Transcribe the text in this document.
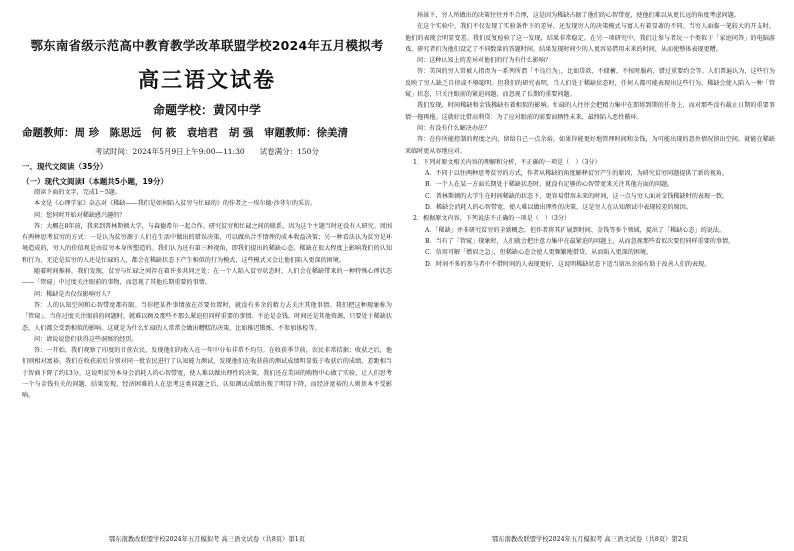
鄂东南省级示范高中教育教学改革联盟学校2024年五月模拟考
高三语文试卷
命题学校：黄冈中学
命题教师：周 珍　陈思远　何 筱　袁培君　胡 强　审题教师：徐美清
考试时间：2024年5月9日上午9:00—11:30　　试卷满分：150分
一、现代文阅读（35分）
（一）现代文阅读Ⅰ（本题共5小题，19分）

阅读下面的文字，完成1～5题。

本文是《心理学家》杂志对《稀缺——我们是如何陷入贫穷与忙碌的》的作者之一埃尔德·沙菲尔的采访。

问：您何时开始对稀缺感兴趣的？

答：大概在8年前，我来到普林斯顿大学，与森德希尔一起合作。研究贫穷和忙碌之间的联系，因为这个主题当时还没有人研究。周围有两种思考贫穷的方式：一是认为贫穷源于人们在生活中做出的错误决策，可以做出合乎情理的成本收益决策；另一种看法认为贫穷是环境造成的，穷人的价值观是由贫穷本身所塑造的。我们认为还有第三种视角，即我们提出的稀缺心态。稀缺在很大程度上影响我们的认知和行为，无论是贫穷的人还是忙碌的人，都会在稀缺状态下产生相似的行为模式，这些模式又会让他们陷入更深的困境。

随着时间推移，我们发现，贫穷与忙碌之间存在着许多共同之处：在一个人陷入贫穷状态时，人们会在稀缺带来的一种特殊心理状态——「管窥」中过度关注眼前的事物，而忽视了其他长期重要的事情。

问：稀缺是否仅仅影响穷人？

答：人的认知空间和心智带宽都有限。当你把某件事情放在首要位置时，就没有多余的精力去关注其他事情。我们把这种现象称为「管窥」。当你过度关注眼前的问题时，就难以顾及那些不那么紧迫但同样重要的事情。不论是金钱、时间还是其他资源，只要处于稀缺状态，人们都会受到相似的影响。这就是为什么忙碌的人常常会做出糟糕的决策，比如推迟锻炼、不参加体检等。

问：请说说您们获得这些洞察的经历。

答：一开始，我们观察了印度的甘蔗农民，发现他们的收入在一年中分布非常不均匀。在收获季节前，农民非常拮据；收获之后，他们则相对富裕。我们在收获前后分别对同一批农民进行了认知能力测试，发现他们在收获前的测试成绩明显低于收获后的成绩，差距相当于智商下降了约13分。这说明贫穷本身会消耗人的心智带宽，使人难以做出理性的决策。我们还在美国的购物中心做了实验，让人们思考一个与金钱有关的问题，结果发现，经济困难的人在思考这类问题之后，认知测试成绩出现了明显下降，而经济宽裕的人则基本不受影响。

场景下，穷人所做出的决策往往并不合理，这是因为稀缺占据了他们的心智带宽，使他们难以从更长远的角度考虑问题。

在这个实验中，我们不仅发现了实验条件下的差异，还发现穷人的决策模式与富人有着显著的不同。当穷人面临一笔较大的开支时，他们的表现会明显变差。我们反复检验了这一发现，结果非常稳定。在另一项研究中，我们让参与者玩一个类似于「家庭问答」的电脑游戏，研究者们为他们设定了不同数量的答题时间，结果发现时间少的人更容易借用未来的时间，从而使整体表现更糟。

问：这种认知上的差异对他们的行为有什么影响？

答：美国的穷人常被人指责为一系列所谓「不良行为」，比如贷款、不储蓄、不按时服药、错过重要约会等。人们普遍认为，这些行为反映了穷人缺乏自律或不够聪明。但我们的研究表明，当人们处于稀缺状态时，任何人都可能表现出这些行为。稀缺会使人陷入一种「管窥」状态，只关注眼前的紧迫问题，而忽视了长期的重要问题。

我们发现，时间稀缺和金钱稀缺有着相似的影响。忙碌的人往往会把精力集中在即将到期的任务上，而对那些没有截止日期的重要事情一拖再拖。这就好比借高利贷：为了应对眼前的需要而牺牲未来，最终陷入恶性循环。

问：有没有什么解决办法？

答：在你所能控制的程度之内，留给自己一点余裕。如果你能更好地管理时间和金钱，为可能出现的意外情况留出空间，就能在稀缺来临时更从容地应对。

1．下列对原文相关内容的理解和分析，不正确的一项是（　）（3分）

A．不同于以往两种思考贫穷的方式，作者从稀缺的角度解释贫穷产生的原因，为研究贫穷问题提供了新的视角。

B．一个人在某一方面长期处于稀缺状态时，就没有足够的心智带宽来关注其他方面的问题。

C．普林斯顿的大学生在时间稀缺的状态下，更容易借用未来的时间，这一点与穷人面对金钱稀缺时的表现一致。

D．稀缺会消耗人的心智带宽，使人难以做出理性的决策，这是穷人在认知测试中表现较差的原因。

2．根据原文内容，下列说法不正确的一项是（　）（3分）

A．「稀缺」并非研究贫穷的全新概念，但作者将其扩展到时间、金钱等多个领域，提出了「稀缺心态」的说法。

B．当有了「管窥」现象时，人们就会把注意力集中在最紧迫的问题上，从而忽视那些看似次要但同样重要的事情。

C．信用可解「燃眉之急」，但稀缺心态会使人更频繁地借贷，从而陷入更深的困境。

D．时间不多的参与者中不借时间的人表现更好，这说明稀缺状态下适当留出余裕有助于改善人们的表现。

鄂东南教改联盟学校2024年五月模拟考 高三语文试卷（共8页）第1页	鄂东南教改联盟学校2024年五月模拟考 高三语文试卷（共8页）第2页
